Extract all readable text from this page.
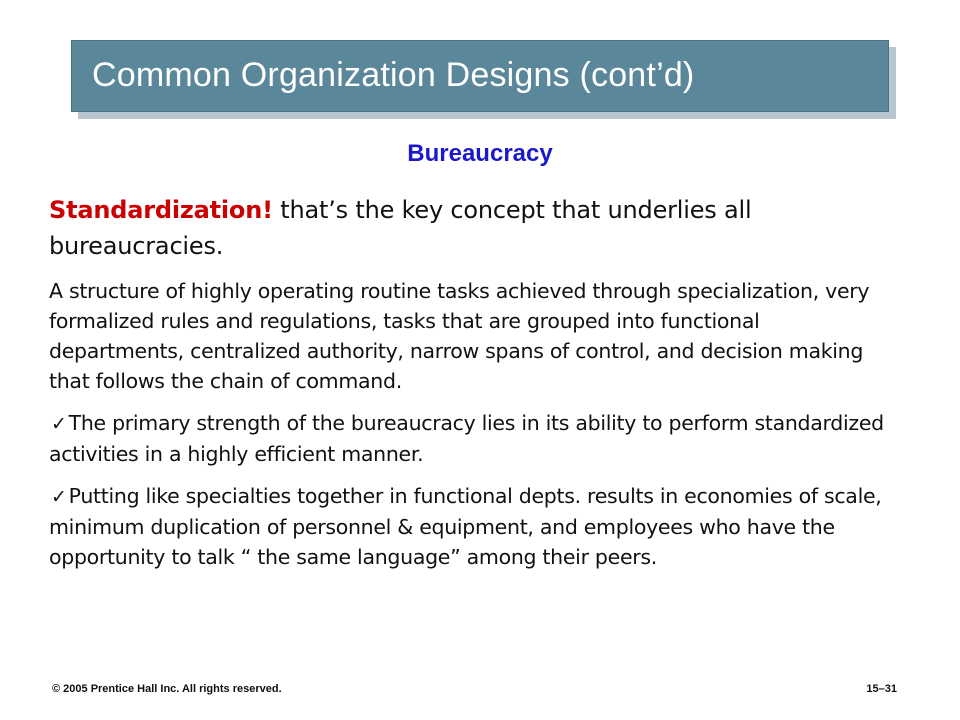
Common Organization Designs (cont’d)
Bureaucracy

Standardization! that’s the key concept that underlies all bureaucracies.

A structure of highly operating routine tasks achieved through specialization, very formalized rules and regulations, tasks that are grouped into functional departments, centralized authority, narrow spans of control, and decision making that follows the chain of command.

✓The primary strength of the bureaucracy lies in its ability to perform standardized activities in a highly efficient manner.

✓Putting like specialties together in functional depts. results in economies of scale, minimum duplication of personnel & equipment, and employees who have the opportunity to talk “ the same language” among their peers.

© 2005 Prentice Hall Inc. All rights reserved.	15–31
